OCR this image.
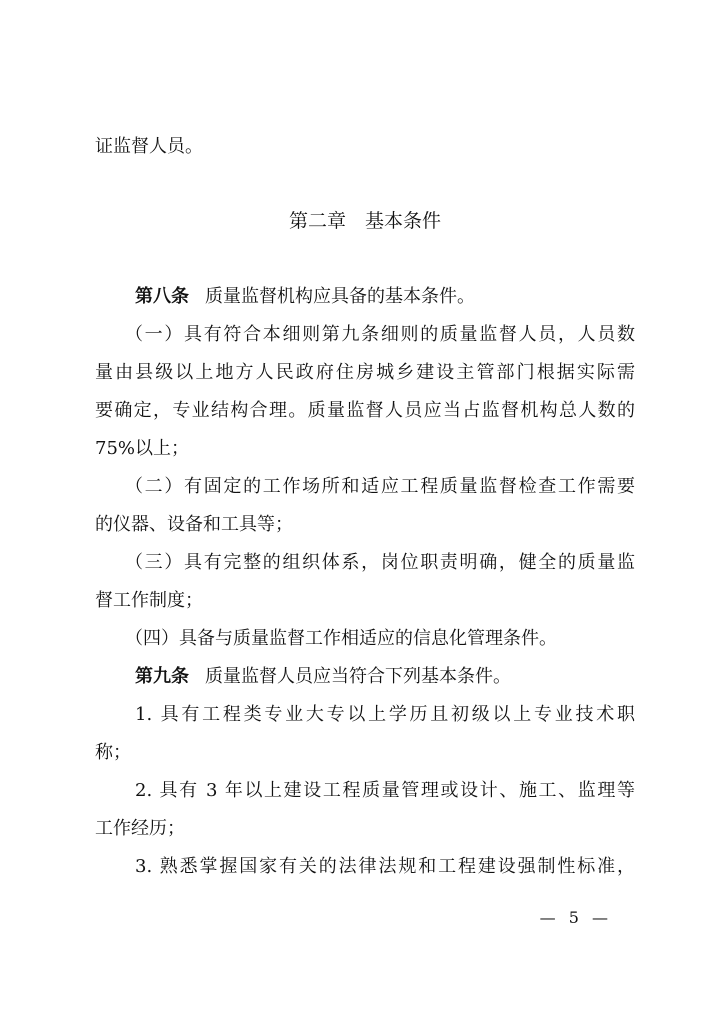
证监督人员。
第二章　基本条件
第八条 质量监督机构应具备的基本条件。
（一）具有符合本细则第九条细则的质量监督人员，人员数
量由县级以上地方人民政府住房城乡建设主管部门根据实际需
要确定，专业结构合理。质量监督人员应当占监督机构总人数的
75%以上；
（二）有固定的工作场所和适应工程质量监督检查工作需要
的仪器、设备和工具等；
（三）具有完整的组织体系，岗位职责明确，健全的质量监
督工作制度；
（四）具备与质量监督工作相适应的信息化管理条件。
第九条 质量监督人员应当符合下列基本条件。
1. 具有工程类专业大专以上学历且初级以上专业技术职
称；
2. 具有 3 年以上建设工程质量管理或设计、施工、监理等
工作经历；
3. 熟悉掌握国家有关的法律法规和工程建设强制性标准，
— 5 —
